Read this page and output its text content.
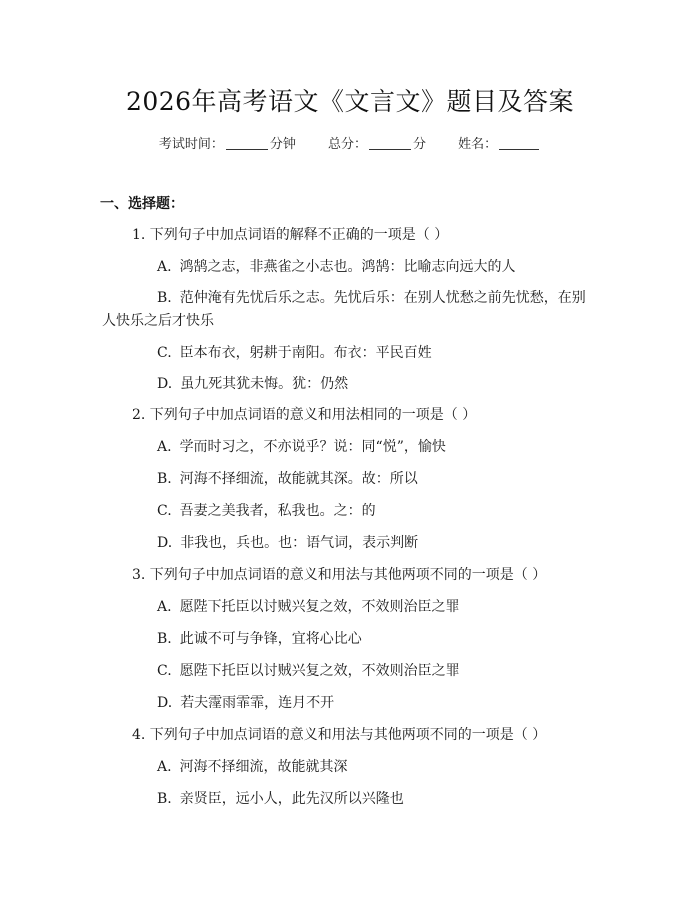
2026年高考语文《文言文》题目及答案
考试时间：	分钟 总分：	分 姓名：
一、选择题：
1. 下列句子中加点词语的解释不正确的一项是（ ）
A. 鸿鹄之志，非燕雀之小志也。鸿鹄：比喻志向远大的人
B. 范仲淹有先忧后乐之志。先忧后乐：在别人忧愁之前先忧愁，在别人快乐之后才快乐
C. 臣本布衣，躬耕于南阳。布衣：平民百姓
D. 虽九死其犹未悔。犹：仍然
2. 下列句子中加点词语的意义和用法相同的一项是（ ）
A. 学而时习之，不亦说乎？说：同“悦”，愉快
B. 河海不择细流，故能就其深。故：所以
C. 吾妻之美我者，私我也。之：的
D. 非我也，兵也。也：语气词，表示判断
3. 下列句子中加点词语的意义和用法与其他两项不同的一项是（ ）
A. 愿陛下托臣以讨贼兴复之效，不效则治臣之罪
B. 此诚不可与争锋，宜将心比心
C. 愿陛下托臣以讨贼兴复之效，不效则治臣之罪
D. 若夫霪雨霏霏，连月不开
4. 下列句子中加点词语的意义和用法与其他两项不同的一项是（ ）
A. 河海不择细流，故能就其深
B. 亲贤臣，远小人，此先汉所以兴隆也
